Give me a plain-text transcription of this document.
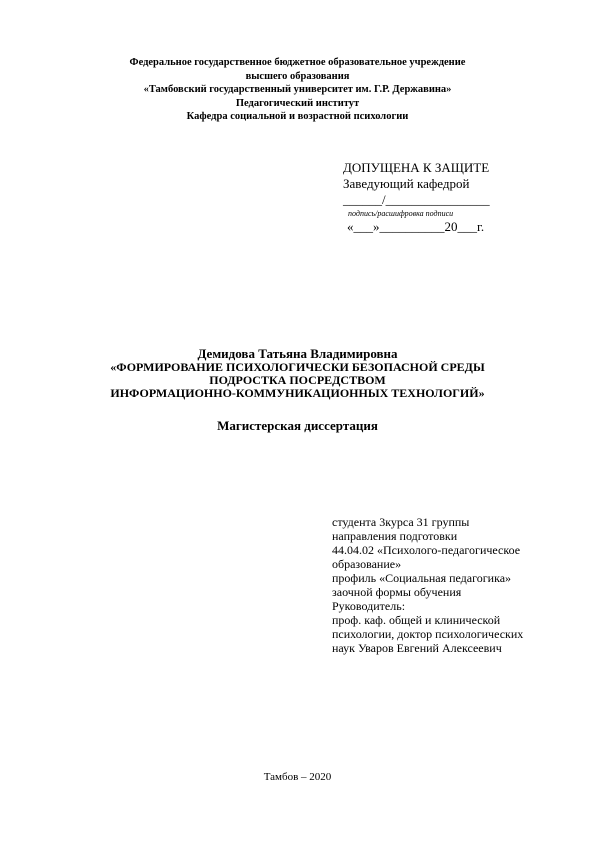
Федеральное государственное бюджетное образовательное учреждение
высшего образования
«Тамбовский государственный университет им. Г.Р. Державина»
Педагогический институт
Кафедра социальной и возрастной психологии
ДОПУЩЕНА К ЗАЩИТЕ
Заведующий кафедрой
______/________________
подпись/расшифровка подписи
«___»__________20___г.
Демидова Татьяна Владимировна
«ФОРМИРОВАНИЕ ПСИХОЛОГИЧЕСКИ БЕЗОПАСНОЙ СРЕДЫ
ПОДРОСТКА ПОСРЕДСТВОМ
ИНФОРМАЦИОННО-КОММУНИКАЦИОННЫХ ТЕХНОЛОГИЙ»
Магистерская диссертация
студента 3курса 31 группы
направления подготовки
44.04.02 «Психолого-педагогическое
образование»
профиль «Социальная педагогика»
заочной формы обучения
Руководитель:
проф. каф. общей и клинической
психологии, доктор психологических
наук Уваров Евгений Алексеевич
Тамбов – 2020
